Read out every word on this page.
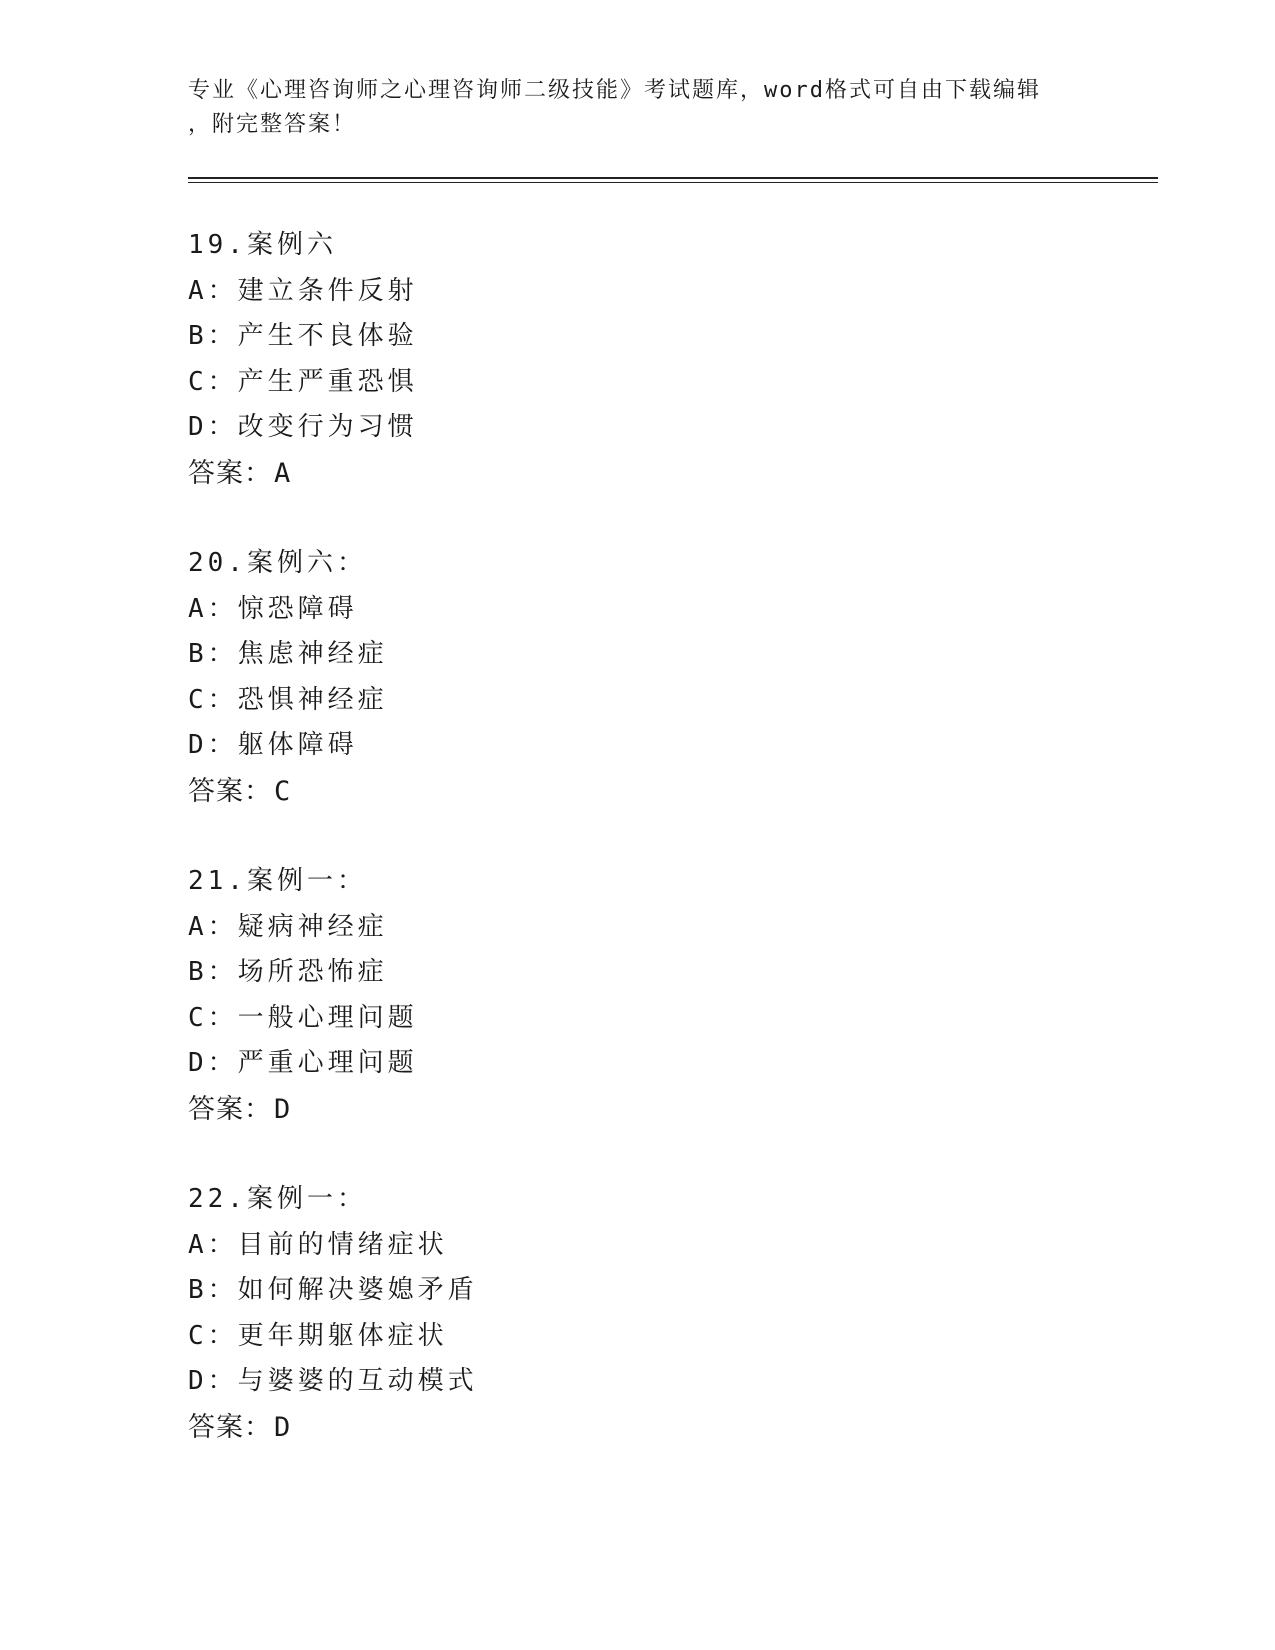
专业《心理咨询师之心理咨询师二级技能》考试题库，word格式可自由下载编辑
，附完整答案！
19.案例六
A：建立条件反射
B：产生不良体验
C：产生严重恐惧
D：改变行为习惯
答案：A
20.案例六：
A：惊恐障碍
B：焦虑神经症
C：恐惧神经症
D：躯体障碍
答案：C
21.案例一：
A：疑病神经症
B：场所恐怖症
C：一般心理问题
D：严重心理问题
答案：D
22.案例一：
A：目前的情绪症状
B：如何解决婆媳矛盾
C：更年期躯体症状
D：与婆婆的互动模式
答案：D
